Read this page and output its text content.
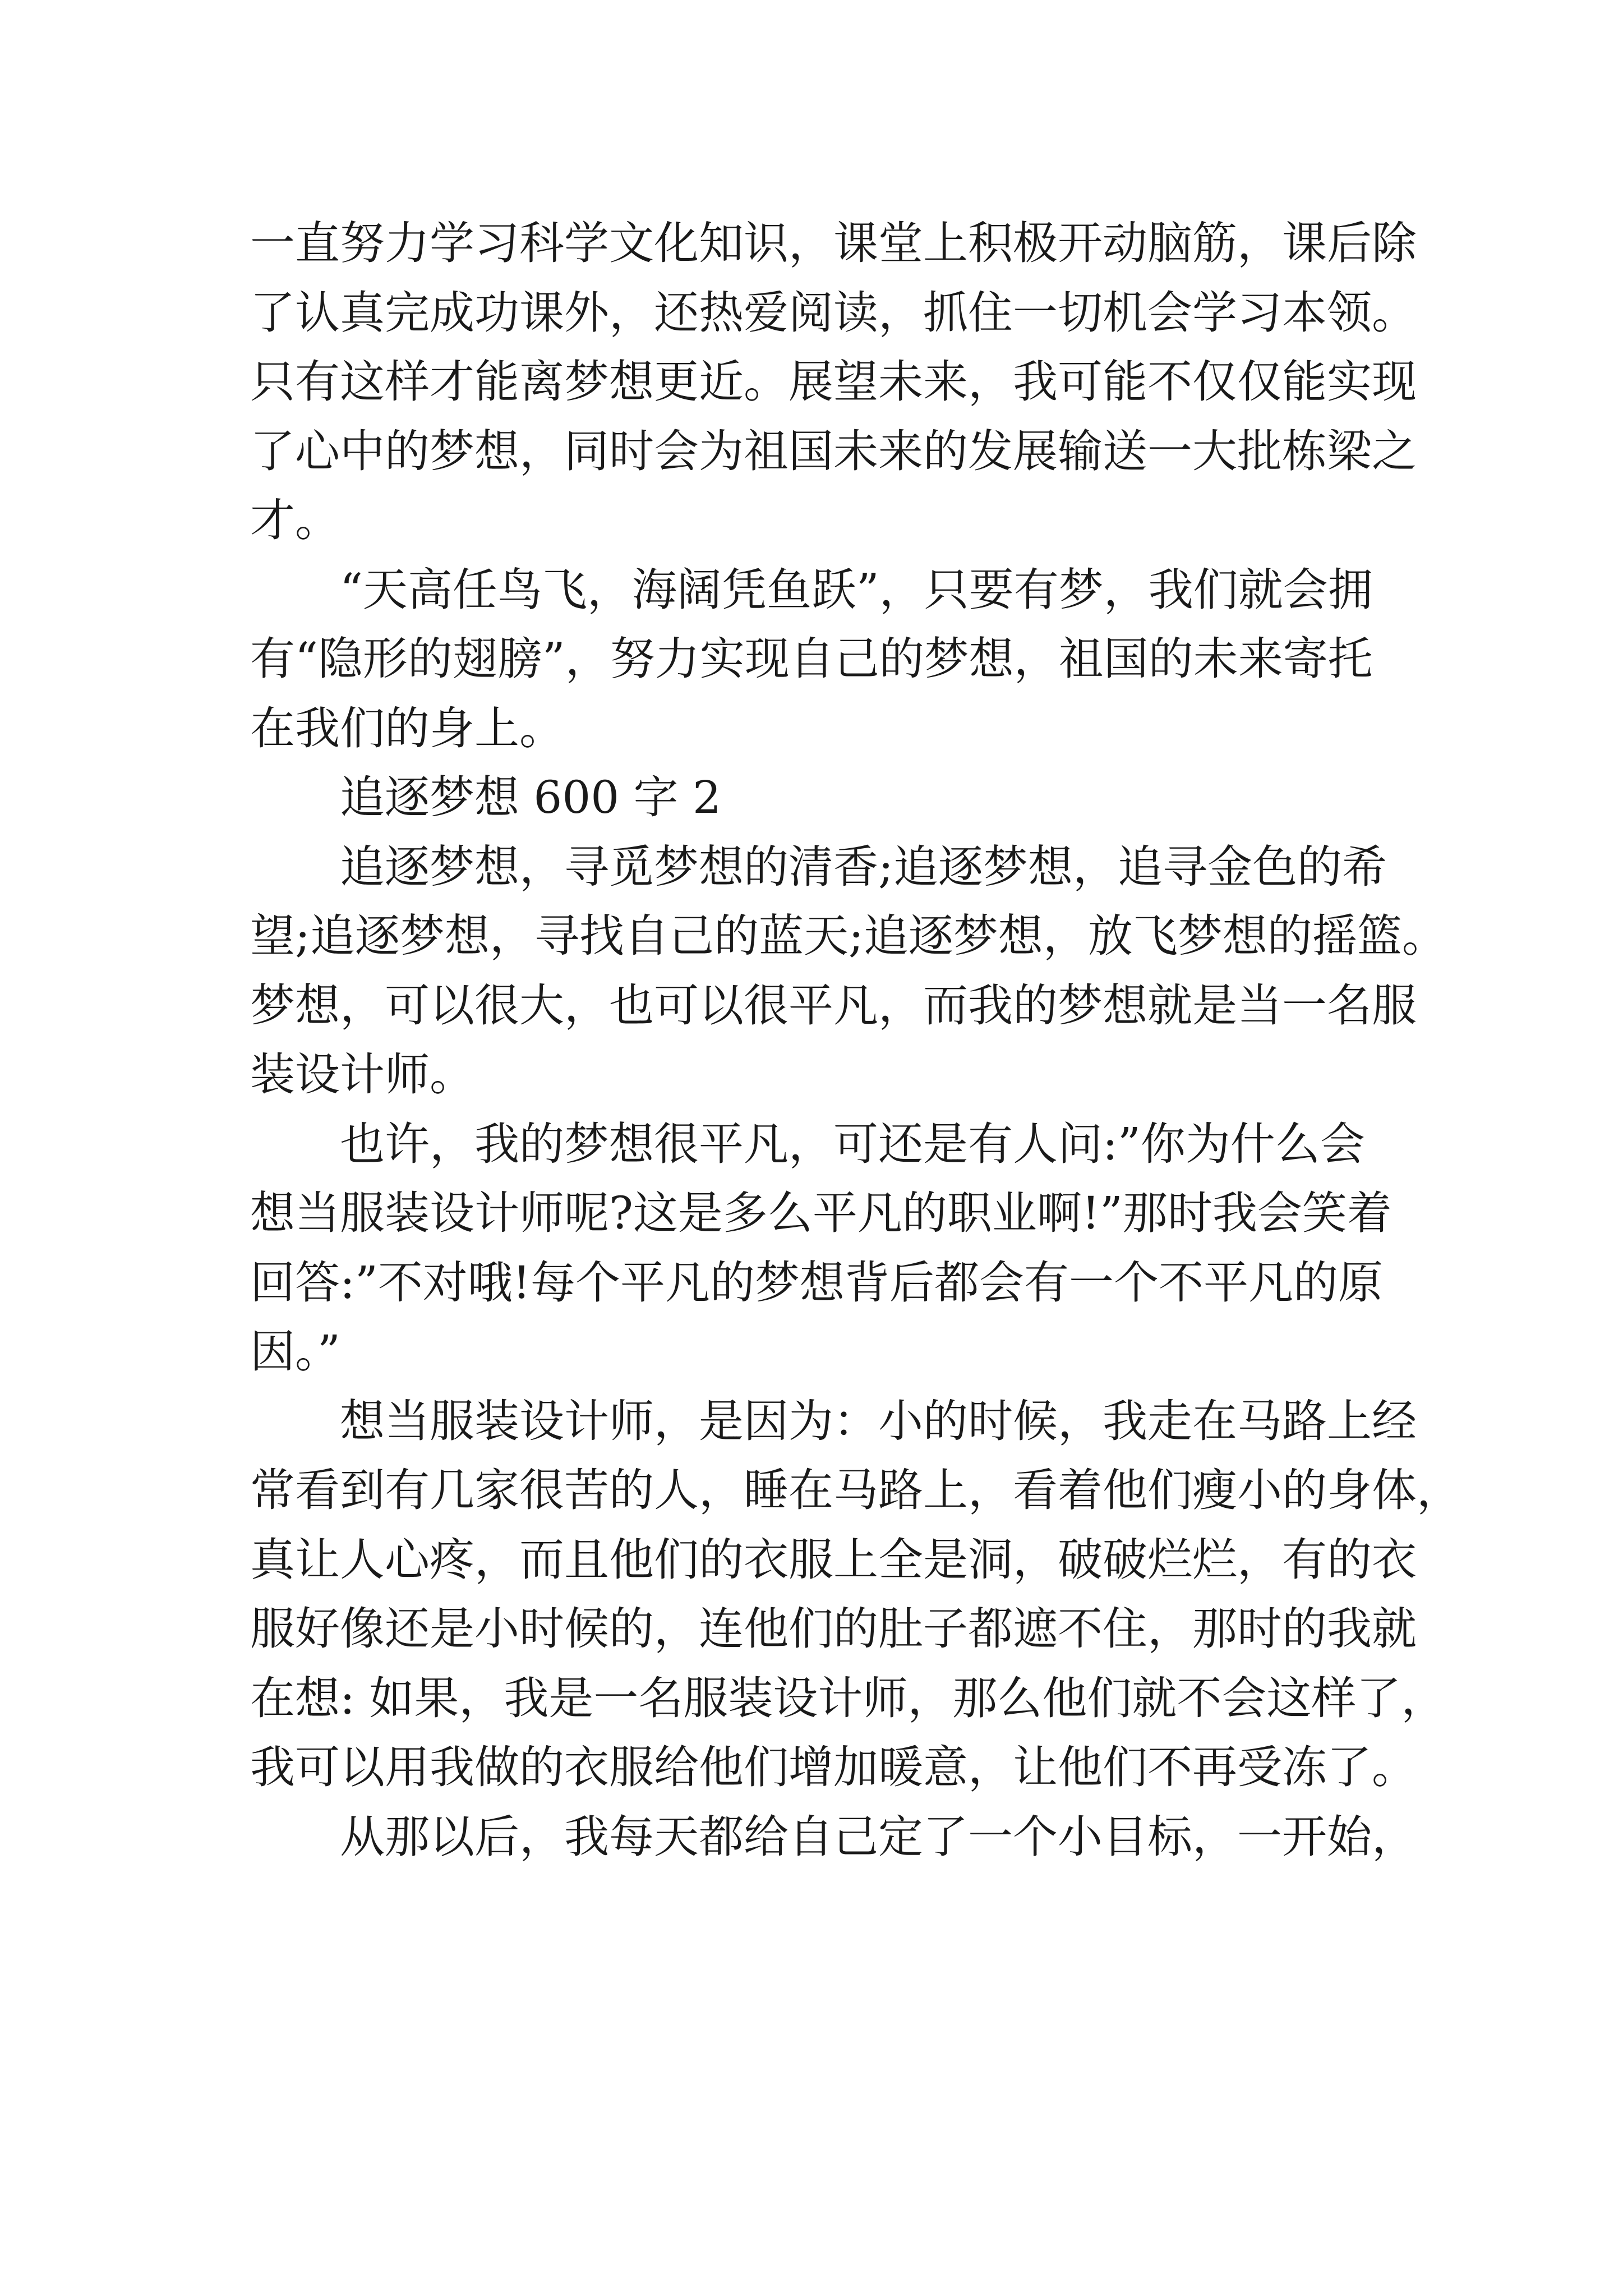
一直努力学习科学文化知识，课堂上积极开动脑筋，课后除
了认真完成功课外，还热爱阅读，抓住一切机会学习本领。
只有这样才能离梦想更近。展望未来，我可能不仅仅能实现
了心中的梦想，同时会为祖国未来的发展输送一大批栋梁之
才。
“天高任鸟飞，海阔凭鱼跃”，只要有梦，我们就会拥
有“隐形的翅膀”，努力实现自己的梦想，祖国的未来寄托
在我们的身上。
追逐梦想 600 字 2
追逐梦想，寻觅梦想的清香;追逐梦想，追寻金色的希
望;追逐梦想，寻找自己的蓝天;追逐梦想，放飞梦想的摇篮。
梦想，可以很大，也可以很平凡，而我的梦想就是当一名服
装设计师。
也许，我的梦想很平凡，可还是有人问:”你为什么会
想当服装设计师呢?这是多么平凡的职业啊!”那时我会笑着
回答:”不对哦!每个平凡的梦想背后都会有一个不平凡的原
因。”
想当服装设计师，是因为：小的时候，我走在马路上经
常看到有几家很苦的人，睡在马路上，看着他们瘦小的身体，
真让人心疼，而且他们的衣服上全是洞，破破烂烂，有的衣
服好像还是小时候的，连他们的肚子都遮不住，那时的我就
在想: 如果，我是一名服装设计师，那么他们就不会这样了，
我可以用我做的衣服给他们增加暖意，让他们不再受冻了。
从那以后，我每天都给自己定了一个小目标，一开始，
